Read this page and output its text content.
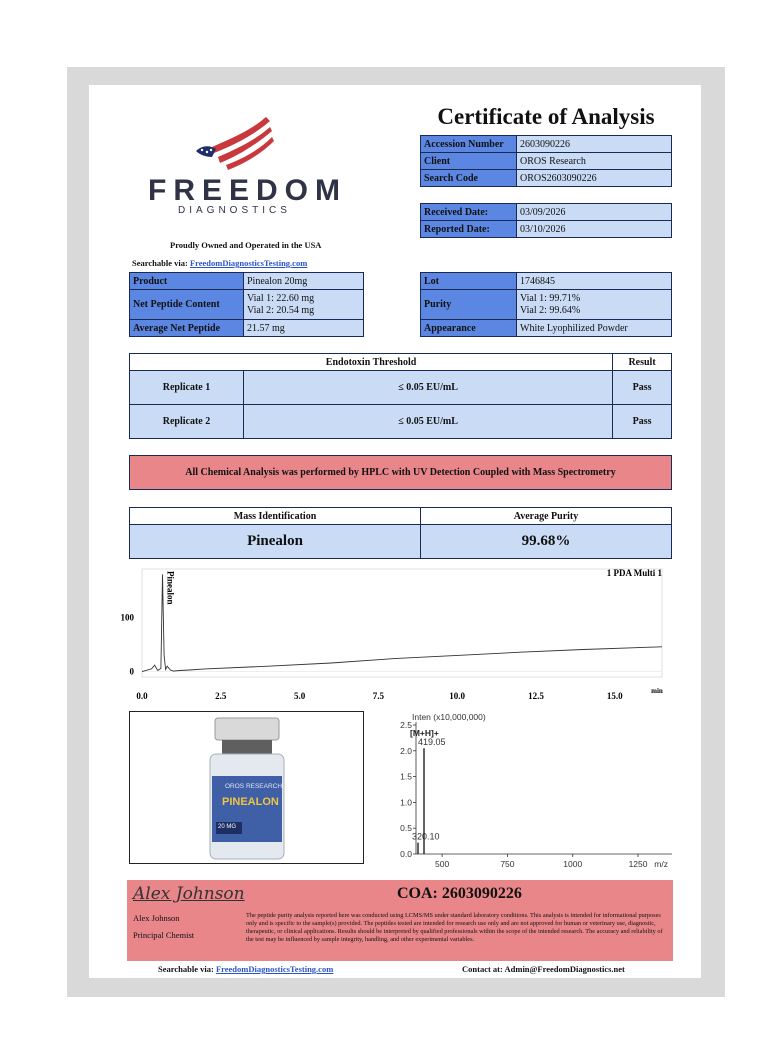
FREEDOM
DIAGNOSTICS
Proudly Owned and Operated in the USA
Searchable via: FreedomDiagnosticsTesting.com
Certificate of Analysis
Accession Number	2603090226
Client	OROS Research
Search Code	OROS2603090226
Received Date:	03/09/2026
Reported Date:	03/10/2026
Product	Pinealon 20mg
Net Peptide Content	Vial 1: 22.60 mg
Vial 2: 20.54 mg

Average Net Peptide	21.57 mg
Lot	1746845
Purity	Vial 1: 99.71%
Vial 2: 99.64%

Appearance	White Lyophilized Powder
Endotoxin Threshold		Result
Replicate 1	≤ 0.05 EU/mL	Pass
Replicate 2	≤ 0.05 EU/mL	Pass
All Chemical Analysis was performed by HPLC with UV Detection Coupled with Mass Spectrometry
Mass Identification	Average Purity
Pinealon	99.68%
0
100
0.0	2.5	5.0	7.5	10.0	12.5	15.0	min
1 PDA Multi 1
Pinealon
OROS RESEARCH
PINEALON
20 MG
Inten (x10,000,000)
0.0
0.5
1.0
1.5
2.0
2.5
500	750	1000	1250 m/z
320.10
419.05
[M+H]+
Alex Johnson
Alex Johnson
Principal Chemist
COA: 2603090226
The peptide purity analysis reported here was conducted using LCMS/MS under standard laboratory conditions. This analysis is intended for informational purposes only and is specific to the sample(s) provided. The peptides tested are intended for research use only and are not approved for human or veterinary use, diagnostic, therapeutic, or clinical applications. Results should be interpreted by qualified professionals within the scope of the intended research. The accuracy and reliability of the test may be influenced by sample integrity, handling, and other experimental variables.
Searchable via: FreedomDiagnosticsTesting.com	Contact at: Admin@FreedomDiagnostics.net
